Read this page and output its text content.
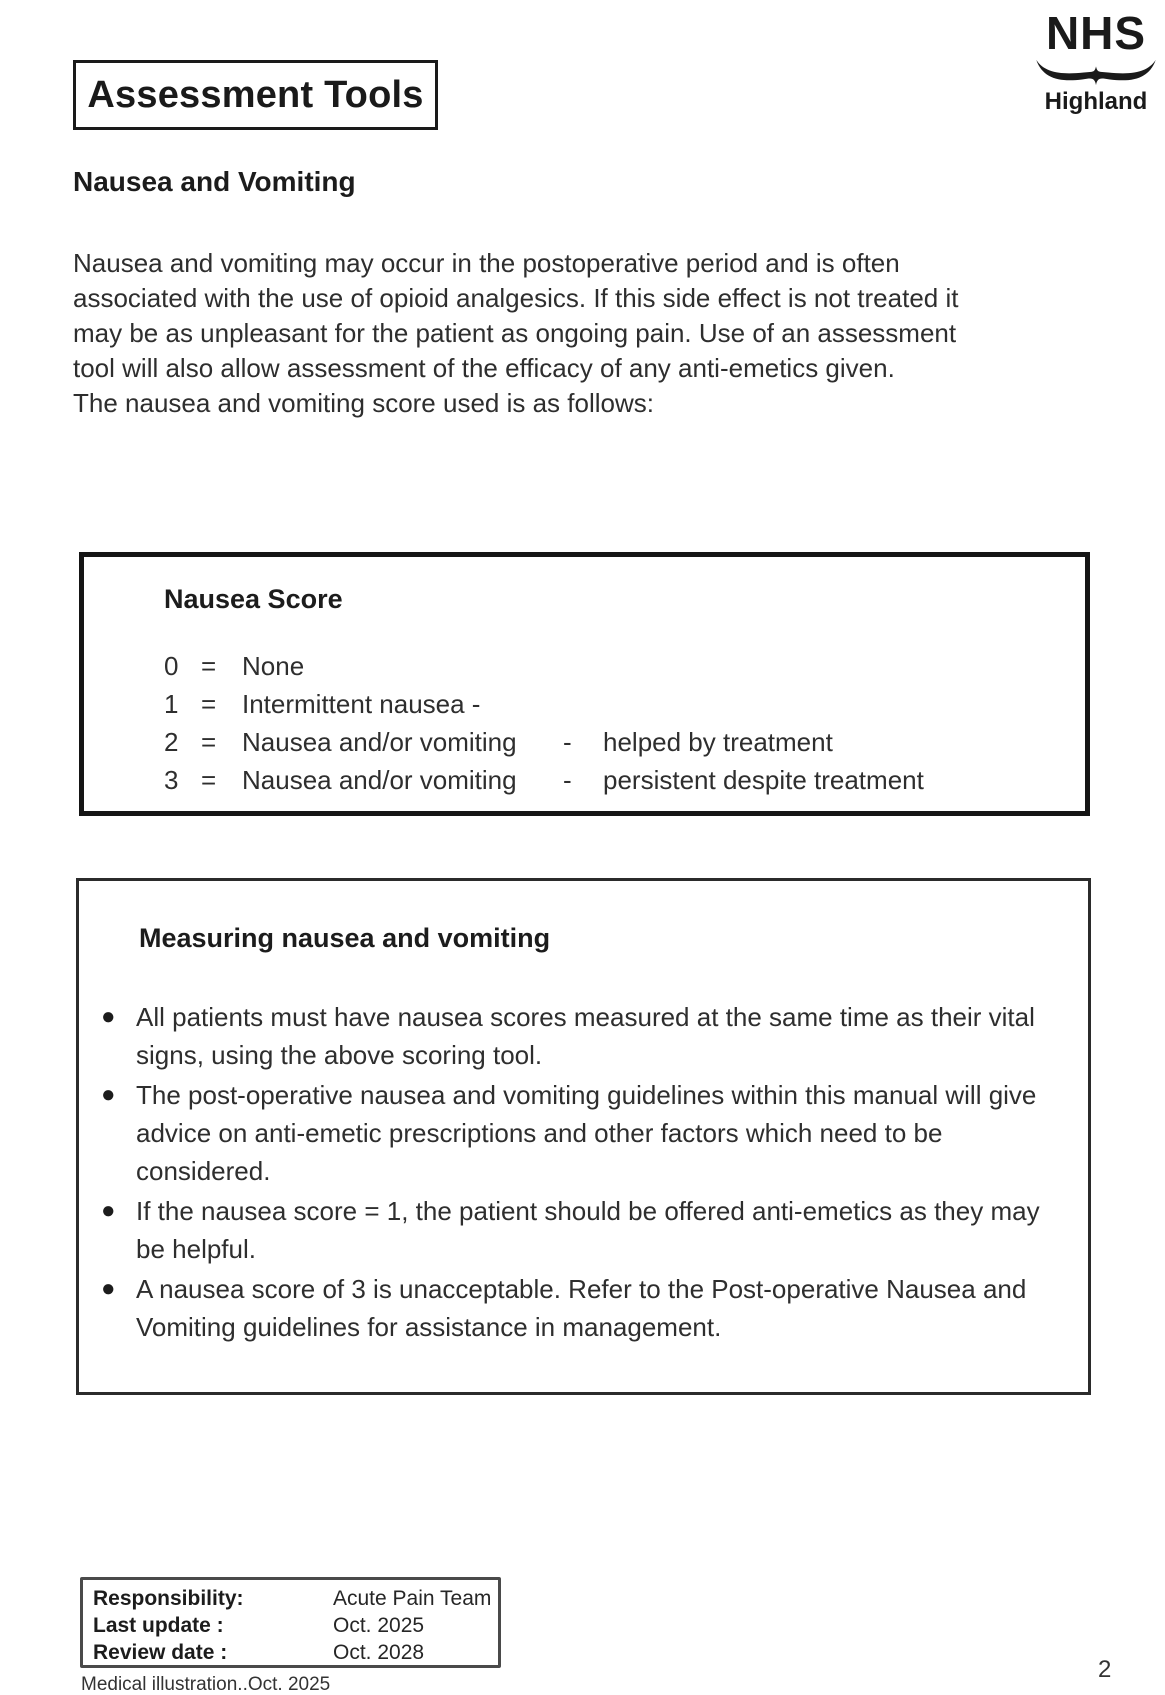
Assessment Tools
NHS
Highland
Nausea and Vomiting
Nausea and vomiting may occur in the postoperative period and is often
associated with the use of opioid analgesics. If this side effect is not treated it
may be as unpleasant for the patient as ongoing pain. Use of an assessment
tool will also allow assessment of the efficacy of any anti-emetics given.
The nausea and vomiting score used is as follows:
Nausea Score
0 = None
1 = Intermittent nausea -
2 = Nausea and/or vomiting	-	helped by treatment
3 = Nausea and/or vomiting	-	persistent despite treatment
Measuring nausea and vomiting
● All patients must have nausea scores measured at the same time as their vital signs, using the above scoring tool.
● The post-operative nausea and vomiting guidelines within this manual will give advice on anti-emetic prescriptions and other factors which need to be considered.
● If the nausea score = 1, the patient should be offered anti-emetics as they may be helpful.
● A nausea score of 3 is unacceptable. Refer to the Post-operative Nausea and Vomiting guidelines for assistance in management.
Responsibility:	Acute Pain Team
Last update :	Oct. 2025
Review date :	Oct. 2028
Medical illustration..Oct. 2025
2
